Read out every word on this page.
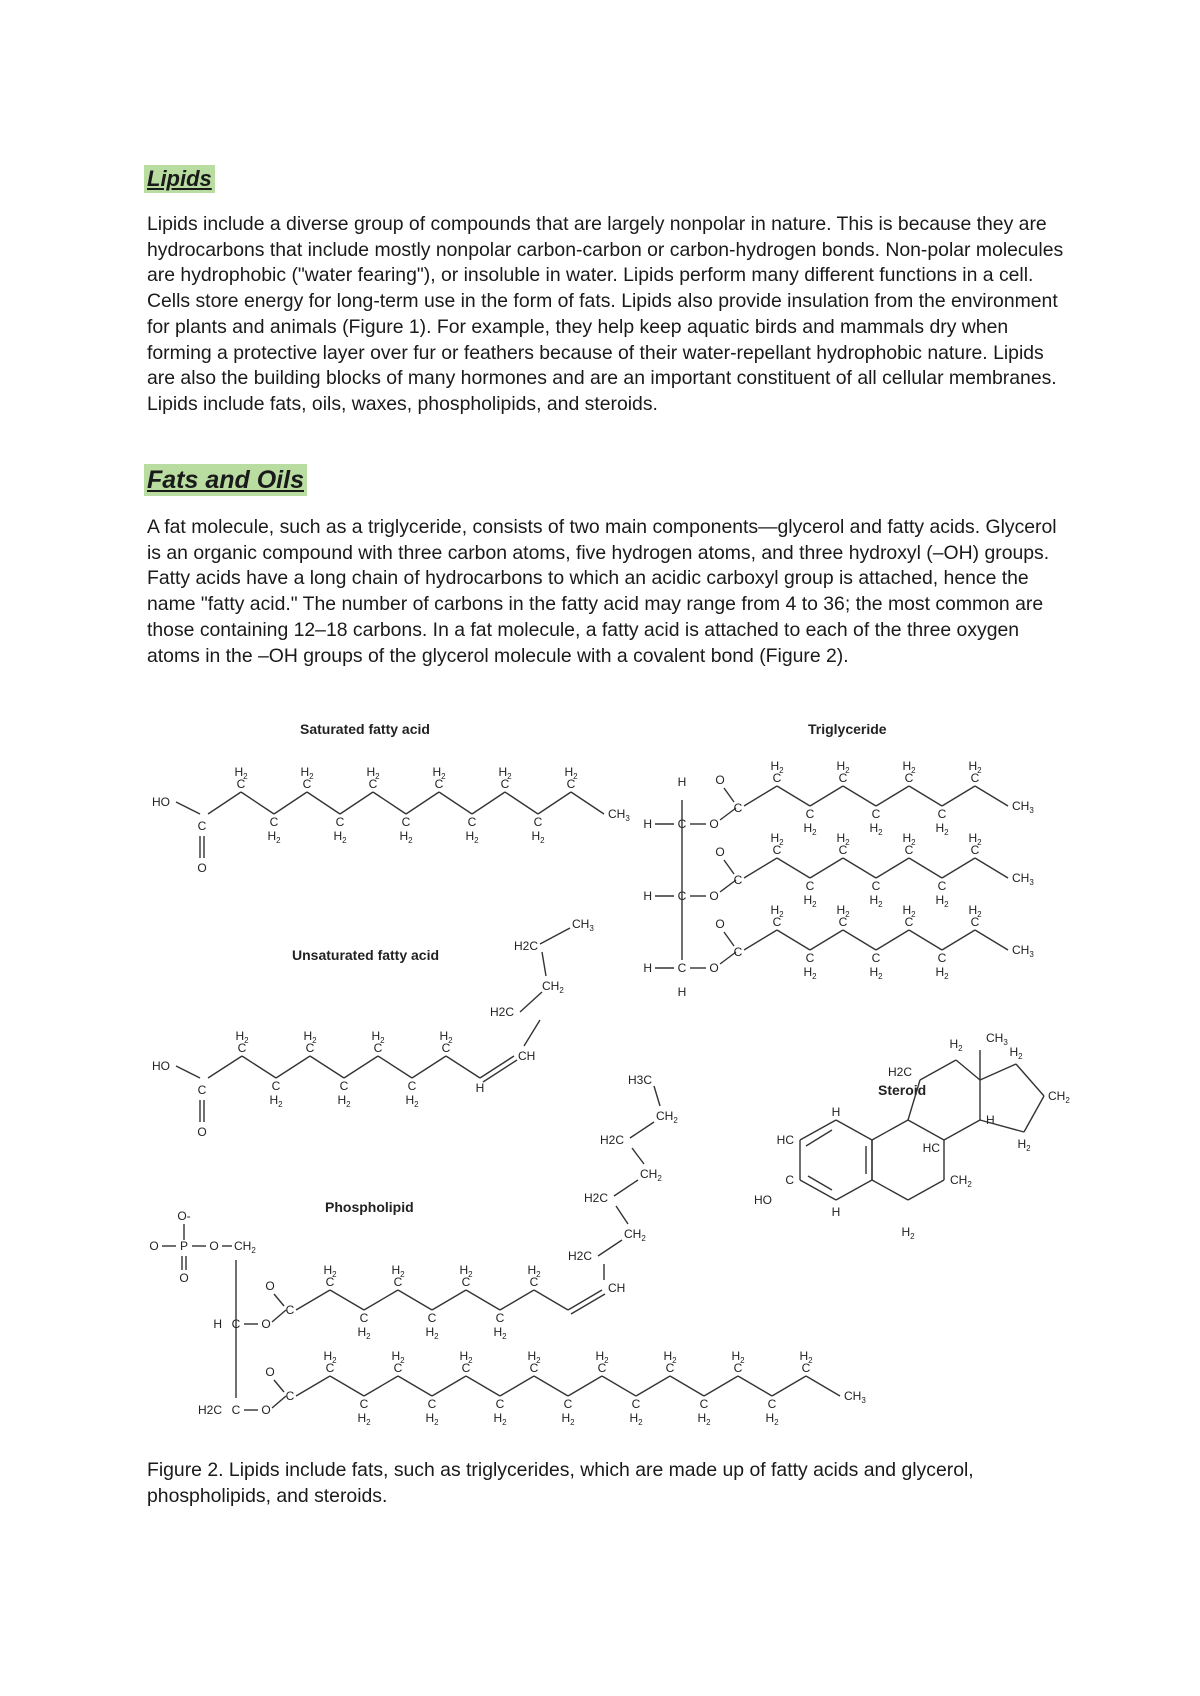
Lipids

Lipids include a diverse group of compounds that are largely nonpolar in nature. This is because they are hydrocarbons that include mostly nonpolar carbon-carbon or carbon-hydrogen bonds. Non-polar molecules are hydrophobic ("water fearing"), or insoluble in water. Lipids perform many different functions in a cell. Cells store energy for long-term use in the form of fats. Lipids also provide insulation from the environment for plants and animals (Figure 1). For example, they help keep aquatic birds and mammals dry when forming a protective layer over fur or feathers because of their water-repellant hydrophobic nature. Lipids are also the building blocks of many hormones and are an important constituent of all cellular membranes. Lipids include fats, oils, waxes, phospholipids, and steroids.

Fats and Oils

A fat molecule, such as a triglyceride, consists of two main components—glycerol and fatty acids. Glycerol is an organic compound with three carbon atoms, five hydrogen atoms, and three hydroxyl (–OH) groups. Fatty acids have a long chain of hydrocarbons to which an acidic carboxyl group is attached, hence the name "fatty acid." The number of carbons in the fatty acid may range from 4 to 36; the most common are those containing 12–18 carbons. In a fat molecule, a fatty acid is attached to each of the three oxygen atoms in the –OH groups of the glycerol molecule with a covalent bond (Figure 2).

Saturated fatty acid
HO
C
O
C
$H_2$
C
$H_2$
C
$H_2$
C
$H_2$
C
$H_2$
C
$H_2$
C
$H_2$
C
$H_2$
C
$H_2$
C
$H_2$
C
$H_2$
$CH_3$
Unsaturated fatty acid
HO
C
O
C
$H_2$
C
$H_2$
C
$H_2$
C
$H_2$
C
$H_2$
C
$H_2$
C
$H_2$
H
CH
H2C
$CH_2$
H2C
$CH_3$
Triglyceride
H C O
C
O	C
$H_2$
C
$H_2$
C
$H_2$
C
$H_2$
C
$H_2$
C
$H_2$
C
$H_2$
$CH_3$
H C O
C
O	C
$H_2$
C
$H_2$
C
$H_2$
C
$H_2$
C
$H_2$
C
$H_2$
C
$H_2$
$CH_3$
H C O
C
O	C
$H_2$
C
$H_2$
C
$H_2$
C
$H_2$
C
$H_2$
C
$H_2$
C
$H_2$
$CH_3$
H
H
Phospholipid
O-
O P O $CH_2$
O
H C O
C
O	C
$H_2$
C
$H_2$
C
$H_2$
C
$H_2$
C
$H_2$
C
$H_2$
C
$H_2$
CH
H2C
$CH_2$
H2C
$CH_2$
H2C
$CH_2$
H3C
H2C C O
C
O	C
$H_2$
C
$H_2$
C
$H_2$
C
$H_2$
C
$H_2$
C
$H_2$
C
$H_2$
C
$H_2$
C
$H_2$
C
$H_2$
C
$H_2$
C
$H_2$
C
$H_2$
C
$H_2$
C
$H_2$
$CH_3$
Steroid
HC
H
C
HO
H
$H_2$
$CH_2$
H2C
$H_2$
HC
H
$CH_3$
$H_2$
$CH_2$
$H_2$

Figure 2. Lipids include fats, such as triglycerides, which are made up of fatty acids and glycerol, phospholipids, and steroids.
